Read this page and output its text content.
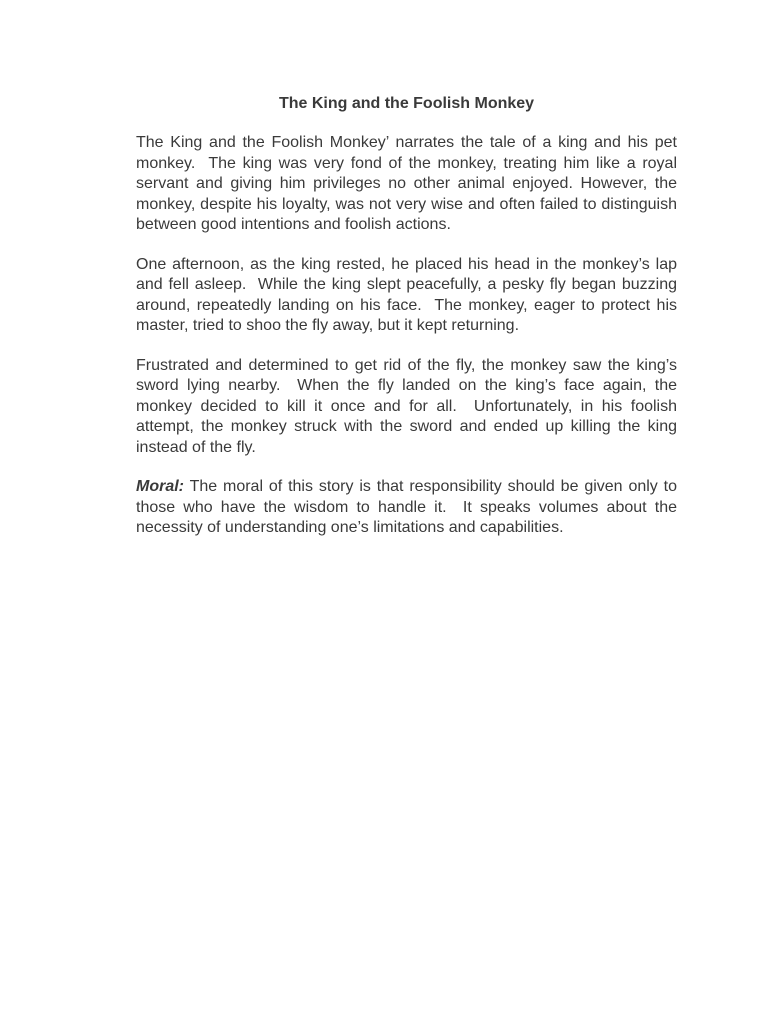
The King and the Foolish Monkey

The King and the Foolish Monkey’ narrates the tale of a king and his pet monkey.  The king was very fond of the monkey, treating him like a royal servant and giving him privileges no other animal enjoyed. However, the monkey, despite his loyalty, was not very wise and often failed to distinguish between good intentions and foolish actions.

One afternoon, as the king rested, he placed his head in the monkey’s lap and fell asleep.  While the king slept peacefully, a pesky fly began buzzing around, repeatedly landing on his face.  The monkey, eager to protect his master, tried to shoo the fly away, but it kept returning.

Frustrated and determined to get rid of the fly, the monkey saw the king’s sword lying nearby.  When the fly landed on the king’s face again, the monkey decided to kill it once and for all.  Unfortunately, in his foolish attempt, the monkey struck with the sword and ended up killing the king instead of the fly.

Moral: The moral of this story is that responsibility should be given only to those who have the wisdom to handle it.  It speaks volumes about the necessity of understanding one’s limitations and capabilities.
